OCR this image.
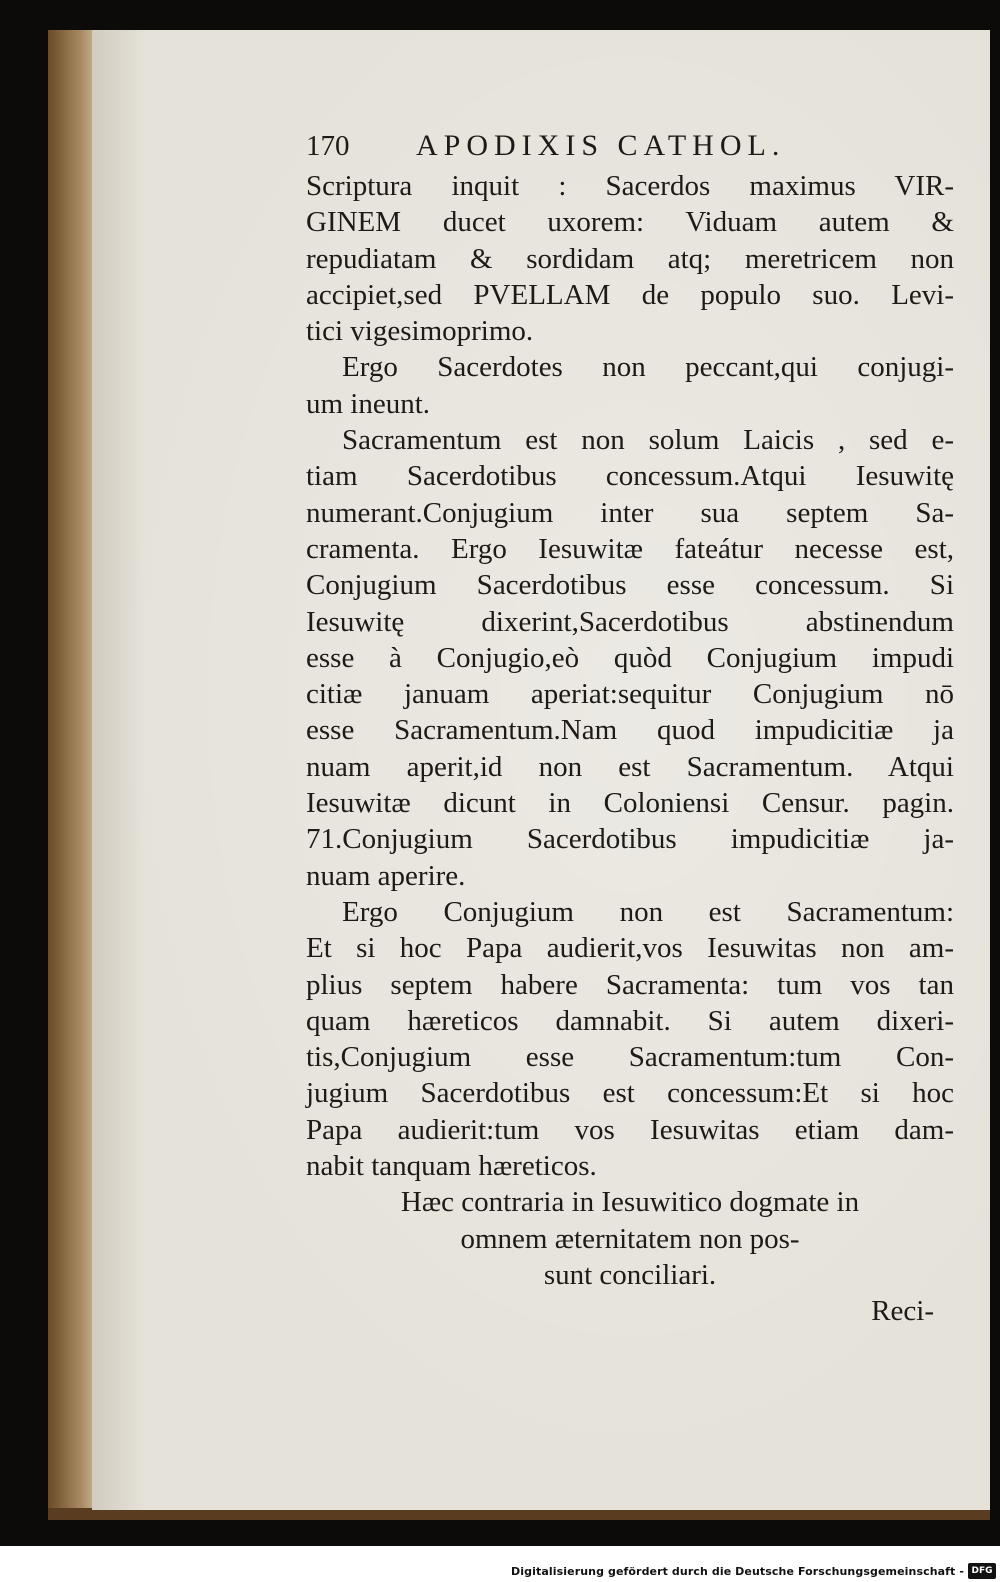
170	APODIXIS CATHOL.
Scriptura inquit : Sacerdos maximus VIR-
GINEM ducet uxorem: Viduam autem &
repudiatam & sordidam atq; meretricem non
accipiet,sed PVELLAM de populo suo. Levi-
tici vigesimoprimo.
Ergo Sacerdotes non peccant,qui conjugi-
um ineunt.
Sacramentum est non solum Laicis , sed e-
tiam Sacerdotibus concessum.Atqui Iesuwitę
numerant.Conjugium inter sua septem Sa-
cramenta. Ergo Iesuwitæ fateátur necesse est,
Conjugium Sacerdotibus esse concessum. Si
Iesuwitę dixerint,Sacerdotibus abstinendum
esse à Conjugio,eò quòd Conjugium impudi
citiæ januam aperiat:sequitur Conjugium nō
esse Sacramentum.Nam quod impudicitiæ ja
nuam aperit,id non est Sacramentum. Atqui
Iesuwitæ dicunt in Coloniensi Censur. pagin.
71.Conjugium Sacerdotibus impudicitiæ ja-
nuam aperire.
Ergo Conjugium non est Sacramentum:
Et si hoc Papa audierit,vos Iesuwitas non am-
plius septem habere Sacramenta: tum vos tan
quam hæreticos damnabit. Si autem dixeri-
tis,Conjugium esse Sacramentum:tum Con-
jugium Sacerdotibus est concessum:Et si hoc
Papa audierit:tum vos Iesuwitas etiam dam-
nabit tanquam hæreticos.
Hæc contraria in Iesuwitico dogmate in
omnem æternitatem non pos-
sunt conciliari.
Reci-
Digitalisierung gefördert durch die Deutsche Forschungsgemeinschaft - DFG
